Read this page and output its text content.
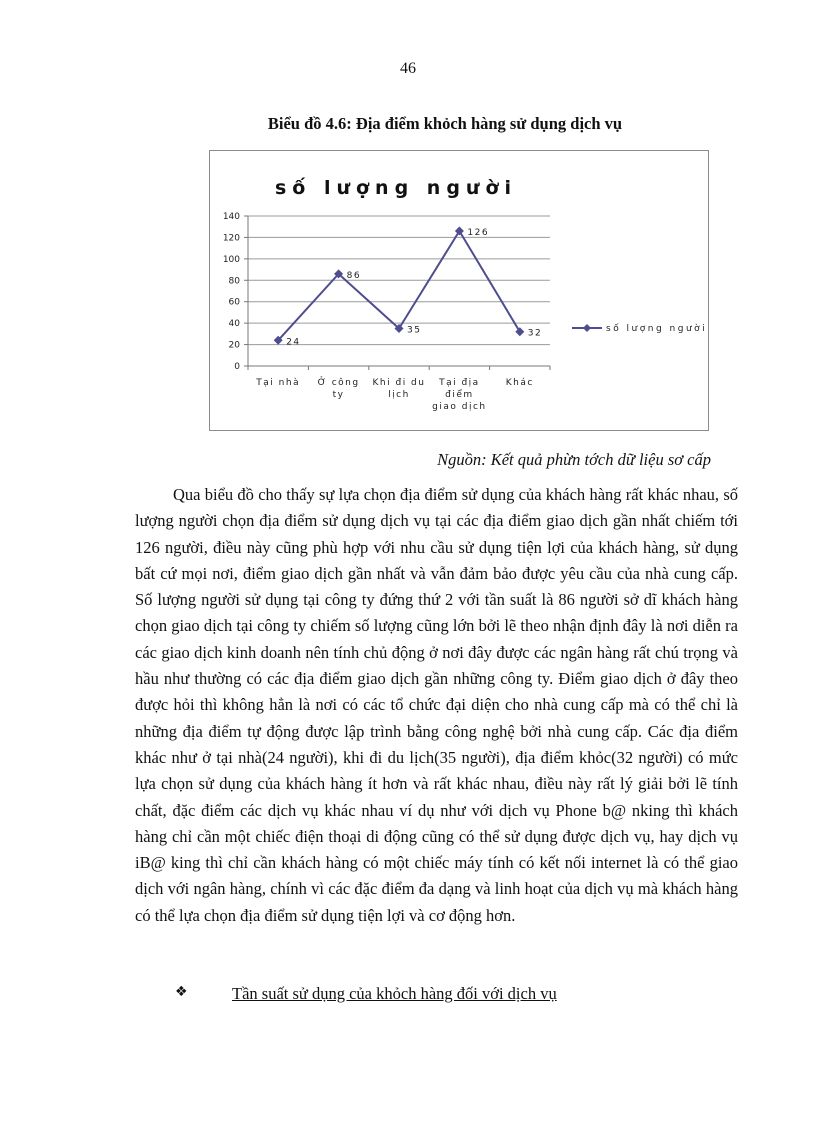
46
Biểu đồ 4.6: Địa điểm khỏch hàng sử dụng dịch vụ
số lượng người
0
20
40
60
80
100
120
140
Tại nhà Ở công
ty
Khi đi du
lịch
Tại địa
điểm
giao dịch
Khác
24
86
35
126
32	số lượng người
Nguồn: Kết quả phừn tớch dữ liệu sơ cấp

Qua biểu đồ cho thấy sự lựa chọn địa điểm sử dụng của khách hàng rất khác nhau, số lượng người chọn địa điểm sử dụng dịch vụ tại các địa điểm giao dịch gần nhất chiếm tới 126 người, điều này cũng phù hợp với nhu cầu sử dụng tiện lợi của khách hàng, sử dụng bất cứ mọi nơi, điểm giao dịch gần nhất và vẫn đảm bảo được yêu cầu của nhà cung cấp. Số lượng người sử dụng tại công ty đứng thứ 2 với tần suất là 86 người sở dĩ khách hàng chọn giao dịch tại công ty chiếm số lượng cũng lớn bởi lẽ theo nhận định đây là nơi diễn ra các giao dịch kinh doanh nên tính chủ động ở nơi đây được các ngân hàng rất chú trọng và hầu như thường có các địa điểm giao dịch gần những công ty. Điểm giao dịch ở đây theo được hỏi thì không hẳn là nơi có các tổ chức đại diện cho nhà cung cấp mà có thể chỉ là những địa điểm tự động được lập trình bằng công nghệ bởi nhà cung cấp. Các địa điểm khác như ở tại nhà(24 người), khi đi du lịch(35 người), địa điểm khỏc(32 người) có mức lựa chọn sử dụng của khách hàng ít hơn và rất khác nhau, điều này rất lý giải bởi lẽ tính chất, đặc điểm các dịch vụ khác nhau ví dụ như với dịch vụ Phone b@ nking thì khách hàng chỉ cần một chiếc điện thoại di động cũng có thể sử dụng được dịch vụ, hay dịch vụ iB@ king thì chỉ cần khách hàng có một chiếc máy tính có kết nối internet là có thể giao dịch với ngân hàng, chính vì các đặc điểm đa dạng và linh hoạt của dịch vụ mà khách hàng có thể lựa chọn địa điểm sử dụng tiện lợi và cơ động hơn.

❖	Tần suất sử dụng của khỏch hàng đối với dịch vụ
